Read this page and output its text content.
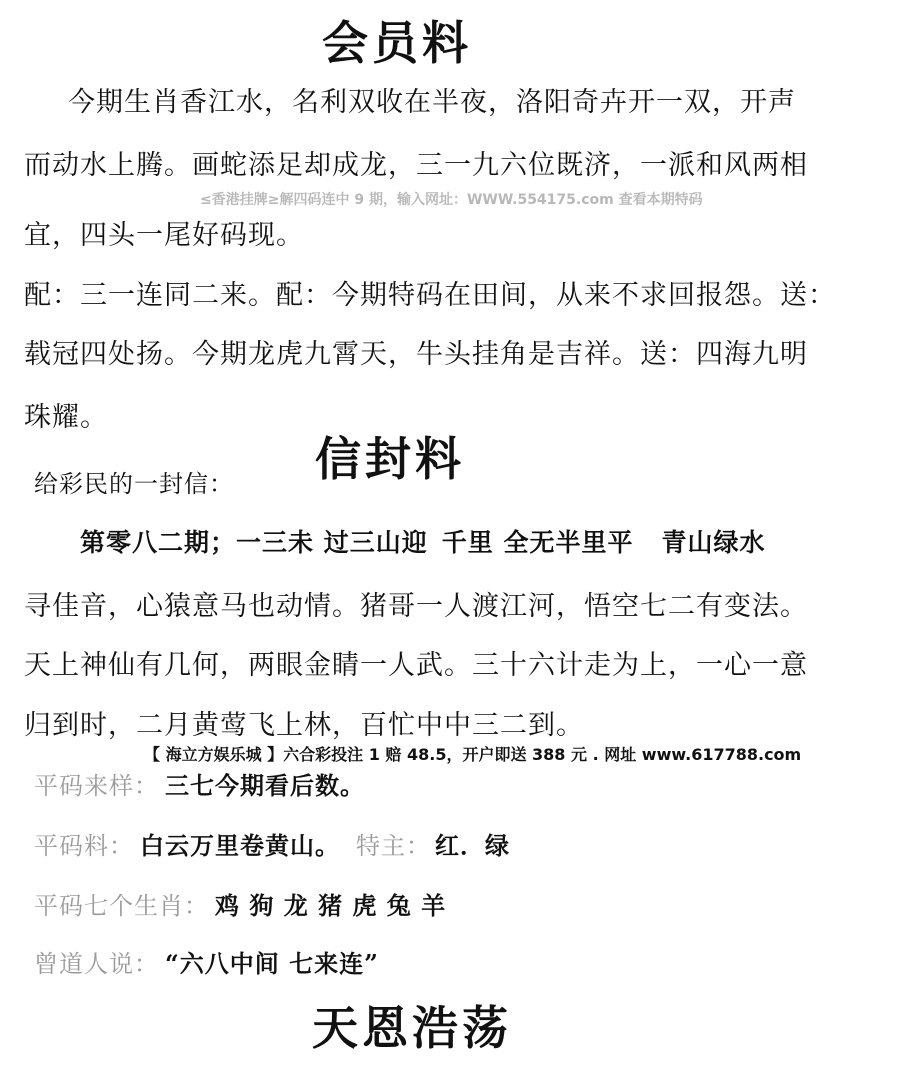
会员料
今期生肖香江水，名利双收在半夜，洛阳奇卉开一双，开声
而动水上腾。画蛇添足却成龙，三一九六位既济，一派和风两相
≤香港挂牌≥解四码连中 9 期，输入网址：WWW.554175.com 查看本期特码
宜，四头一尾好码现。
配：三一连同二来。配：今期特码在田间，从来不求回报怨。送：
载冠四处扬。今期龙虎九霄天，牛头挂角是吉祥。送：四海九明
珠耀。
信封料
给彩民的一封信：
第零八二期；一三未 过三山迎 千里 全无半里平 青山绿水
寻佳音，心猿意马也动情。猪哥一人渡江河，悟空七二有变法。
天上神仙有几何，两眼金睛一人武。三十六计走为上，一心一意
归到时，二月黄莺飞上林，百忙中中三二到。
【 海立方娱乐城 】六合彩投注 1 赔 48.5，开户即送 388 元 . 网址 www.617788.com
平码来样： 三七今期看后数。
平码料： 白云万里卷黄山。 特主： 红．绿
平码七个生肖： 鸡 狗 龙 猪 虎 兔 羊
曾道人说： “六八中间 七来连”
天恩浩荡
